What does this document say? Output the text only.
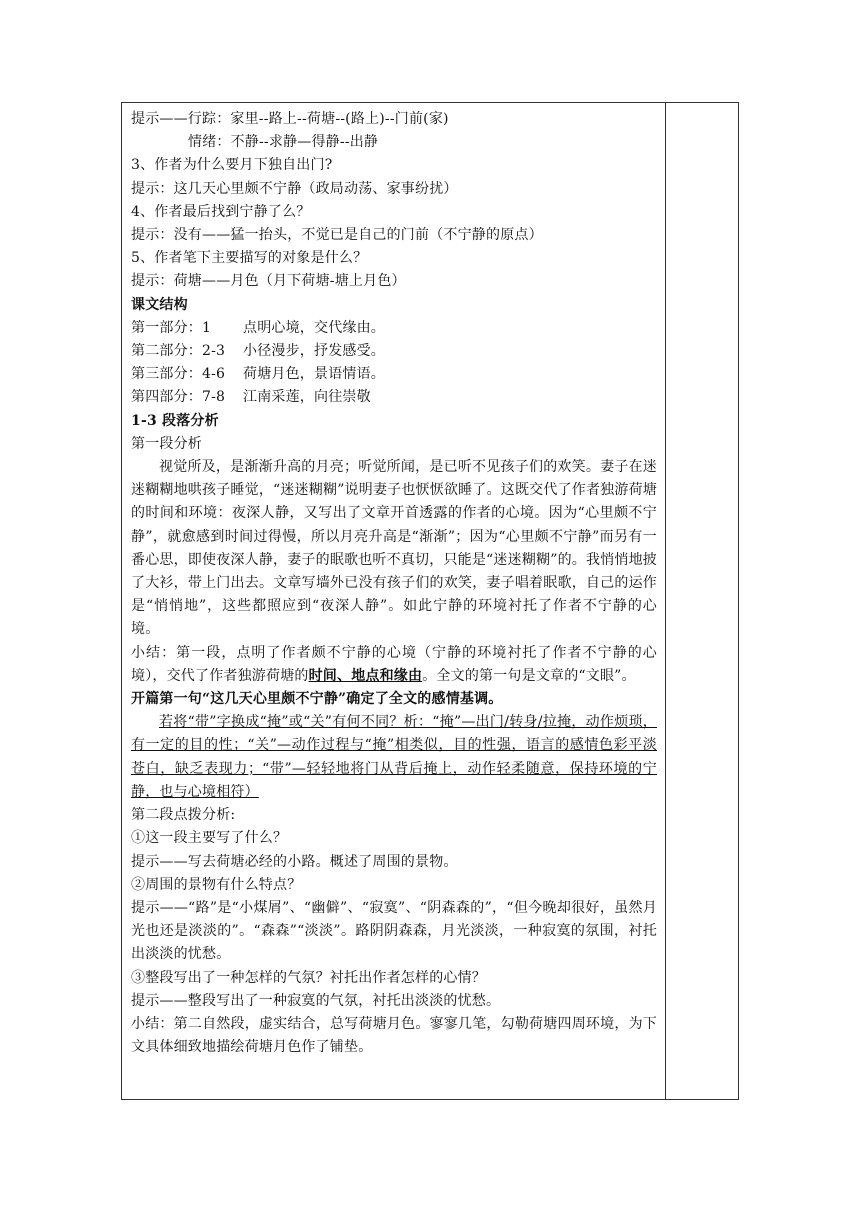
提示——行踪：家里--路上--荷塘--(路上)--门前(家)

情绪：不静--求静—得静--出静

3、作者为什么要月下独自出门?

提示：这几天心里颇不宁静（政局动荡、家事纷扰）

4、作者最后找到宁静了么？

提示：没有——猛一抬头，不觉已是自己的门前（不宁静的原点）

5、作者笔下主要描写的对象是什么？

提示：荷塘——月色（月下荷塘-塘上月色）

课文结构

第一部分：1	点明心境，交代缘由。
第二部分：2-3	小径漫步，抒发感受。
第三部分：4-6	荷塘月色，景语情语。
第四部分：7-8	江南采莲，向往崇敬

1-3 段落分析

第一段分析

视觉所及，是渐渐升高的月亮；听觉所闻，是已听不见孩子们的欢笑。妻子在迷迷糊糊地哄孩子睡觉，“迷迷糊糊”说明妻子也恹恹欲睡了。这既交代了作者独游荷塘的时间和环境：夜深人静，又写出了文章开首透露的作者的心境。因为“心里颇不宁静”，就愈感到时间过得慢，所以月亮升高是“渐渐”；因为“心里颇不宁静”而另有一番心思，即使夜深人静，妻子的眠歌也听不真切，只能是“迷迷糊糊”的。我悄悄地披了大衫，带上门出去。文章写墙外已没有孩子们的欢笑，妻子唱着眠歌，自己的运作是“悄悄地”，这些都照应到“夜深人静”。如此宁静的环境衬托了作者不宁静的心境。

小结：第一段，点明了作者颇不宁静的心境（宁静的环境衬托了作者不宁静的心境），交代了作者独游荷塘的时间、地点和缘由。全文的第一句是文章的“文眼”。

开篇第一句“这几天心里颇不宁静”确定了全文的感情基调。

若将“带”字换成“掩”或“关”有何不同？析：“掩”—出门/转身/拉掩，动作烦琐，有一定的目的性；“关”—动作过程与“掩”相类似，目的性强，语言的感情色彩平淡苍白，缺乏表现力；“带”—轻轻地将门从背后掩上，动作轻柔随意，保持环境的宁静，也与心境相符）

第二段点拨分析:

①这一段主要写了什么？

提示——写去荷塘必经的小路。概述了周围的景物。

②周围的景物有什么特点？

提示——“路”是“小煤屑”、“幽僻”、“寂寞”、“阴森森的”，“但今晚却很好，虽然月光也还是淡淡的”。“森森”“淡淡”。路阴阴森森，月光淡淡，一种寂寞的氛围，衬托出淡淡的忧愁。

③整段写出了一种怎样的气氛？衬托出作者怎样的心情？

提示——整段写出了一种寂寞的气氛，衬托出淡淡的忧愁。

小结：第二自然段，虚实结合，总写荷塘月色。寥寥几笔，勾勒荷塘四周环境，为下文具体细致地描绘荷塘月色作了铺垫。
